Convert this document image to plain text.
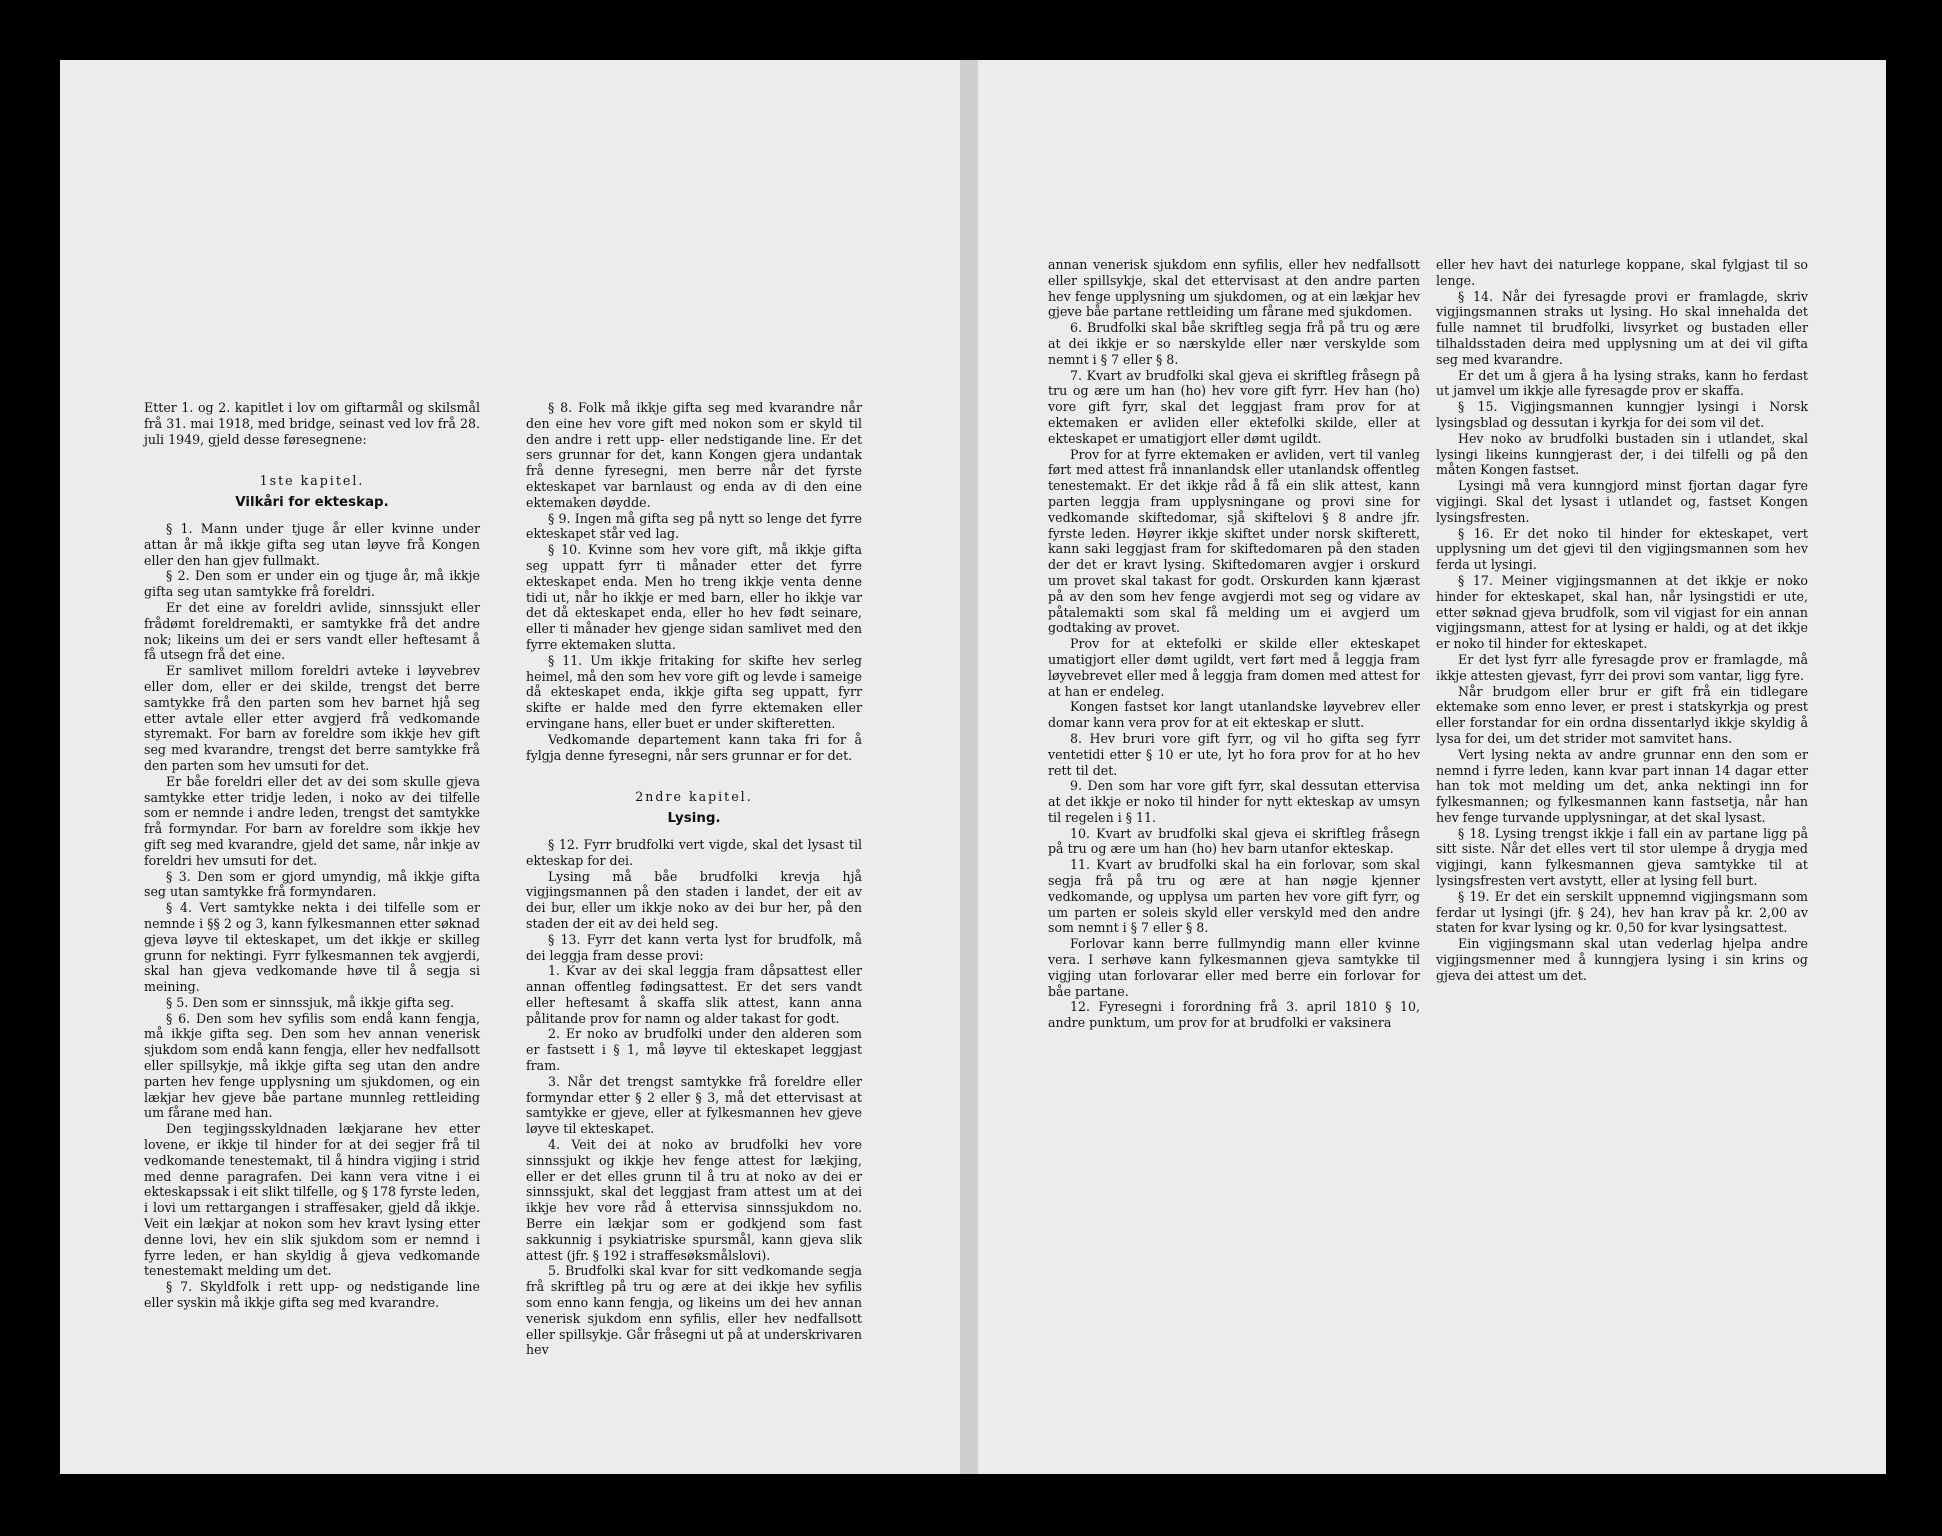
Etter 1. og 2. kapitlet i lov om giftarmål og skilsmål frå 31. mai 1918, med bridge, seinast ved lov frå 28. juli 1949, gjeld desse føresegnene:

1ste kapitel.

Vilkåri for ekteskap.

§ 1. Mann under tjuge år eller kvinne under attan år må ikkje gifta seg utan løyve frå Kongen eller den han gjev fullmakt.

§ 2. Den som er under ein og tjuge år, må ikkje gifta seg utan samtykke frå foreldri.

Er det eine av foreldri avlide, sinnssjukt eller frådømt foreldremakti, er samtykke frå det andre nok; likeins um dei er sers vandt eller heftesamt å få utsegn frå det eine.

Er samlivet millom foreldri avteke i løyvebrev eller dom, eller er dei skilde, trengst det berre samtykke frå den parten som hev barnet hjå seg etter avtale eller etter avgjerd frå vedkomande styremakt. For barn av foreldre som ikkje hev gift seg med kvarandre, trengst det berre samtykke frå den parten som hev umsuti for det.

Er båe foreldri eller det av dei som skulle gjeva samtykke etter tridje leden, i noko av dei tilfelle som er nemnde i andre leden, trengst det samtykke frå formyndar. For barn av foreldre som ikkje hev gift seg med kvarandre, gjeld det same, når inkje av foreldri hev umsuti for det.

§ 3. Den som er gjord umyndig, må ikkje gifta seg utan samtykke frå formyndaren.

§ 4. Vert samtykke nekta i dei tilfelle som er nemnde i §§ 2 og 3, kann fylkesmannen etter søknad gjeva løyve til ekteskapet, um det ikkje er skilleg grunn for nektingi. Fyrr fylkesmannen tek avgjerdi, skal han gjeva vedkomande høve til å segja si meining.

§ 5. Den som er sinnssjuk, må ikkje gifta seg.

§ 6. Den som hev syfilis som endå kann fengja, må ikkje gifta seg. Den som hev annan venerisk sjukdom som endå kann fengja, eller hev nedfallsott eller spillsykje, må ikkje gifta seg utan den andre parten hev fenge upplysning um sjukdomen, og ein lækjar hev gjeve båe partane munnleg rettleiding um fårane med han.

Den tegjingsskyldnaden lækjarane hev etter lovene, er ikkje til hinder for at dei segjer frå til vedkomande tenestemakt, til å hindra vigjing i strid med denne paragrafen. Dei kann vera vitne i ei ekteskapssak i eit slikt tilfelle, og § 178 fyrste leden, i lovi um rettargangen i straffesaker, gjeld då ikkje. Veit ein lækjar at nokon som hev kravt lysing etter denne lovi, hev ein slik sjukdom som er nemnd i fyrre leden, er han skyldig å gjeva vedkomande tenestemakt melding um det.

§ 7. Skyldfolk i rett upp- og nedstigande line eller syskin må ikkje gifta seg med kvarandre.

§ 8. Folk må ikkje gifta seg med kvarandre når den eine hev vore gift med nokon som er skyld til den andre i rett upp- eller nedstigande line. Er det sers grunnar for det, kann Kongen gjera undantak frå denne fyresegni, men berre når det fyrste ekteskapet var barnlaust og enda av di den eine ektemaken døydde.

§ 9. Ingen må gifta seg på nytt so lenge det fyrre ekteskapet står ved lag.

§ 10. Kvinne som hev vore gift, må ikkje gifta seg uppatt fyrr ti månader etter det fyrre ekteskapet enda. Men ho treng ikkje venta denne tidi ut, når ho ikkje er med barn, eller ho ikkje var det då ekteskapet enda, eller ho hev født seinare, eller ti månader hev gjenge sidan samlivet med den fyrre ektemaken slutta.

§ 11. Um ikkje fritaking for skifte hev serleg heimel, må den som hev vore gift og levde i sameige då ekteskapet enda, ikkje gifta seg uppatt, fyrr skifte er halde med den fyrre ektemaken eller ervingane hans, eller buet er under skifteretten.

Vedkomande departement kann taka fri for å fylgja denne fyresegni, når sers grunnar er for det.

2ndre kapitel.

Lysing.

§ 12. Fyrr brudfolki vert vigde, skal det lysast til ekteskap for dei.

Lysing må båe brudfolki krevja hjå vigjingsmannen på den staden i landet, der eit av dei bur, eller um ikkje noko av dei bur her, på den staden der eit av dei held seg.

§ 13. Fyrr det kann verta lyst for brudfolk, må dei leggja fram desse provi:

1. Kvar av dei skal leggja fram dåpsattest eller annan offentleg fødingsattest. Er det sers vandt eller heftesamt å skaffa slik attest, kann anna pålitande prov for namn og alder takast for godt.

2. Er noko av brudfolki under den alderen som er fastsett i § 1, må løyve til ekteskapet leggjast fram.

3. Når det trengst samtykke frå foreldre eller formyndar etter § 2 eller § 3, må det ettervisast at samtykke er gjeve, eller at fylkesmannen hev gjeve løyve til ekteskapet.

4. Veit dei at noko av brudfolki hev vore sinnssjukt og ikkje hev fenge attest for lækjing, eller er det elles grunn til å tru at noko av dei er sinnssjukt, skal det leggjast fram attest um at dei ikkje hev vore råd å ettervisa sinnssjukdom no. Berre ein lækjar som er godkjend som fast sakkunnig i psykiatriske spursmål, kann gjeva slik attest (jfr. § 192 i straffesøksmålslovi).

5. Brudfolki skal kvar for sitt vedkomande segja frå skriftleg på tru og ære at dei ikkje hev syfilis som enno kann fengja, og likeins um dei hev annan venerisk sjukdom enn syfilis, eller hev nedfallsott eller spillsykje. Går fråsegni ut på at underskrivaren hev

annan venerisk sjukdom enn syfilis, eller hev nedfallsott eller spillsykje, skal det ettervisast at den andre parten hev fenge upplysning um sjukdomen, og at ein lækjar hev gjeve båe partane rettleiding um fårane med sjukdomen.

6. Brudfolki skal båe skriftleg segja frå på tru og ære at dei ikkje er so nærskylde eller nær verskylde som nemnt i § 7 eller § 8.

7. Kvart av brudfolki skal gjeva ei skriftleg fråsegn på tru og ære um han (ho) hev vore gift fyrr. Hev han (ho) vore gift fyrr, skal det leggjast fram prov for at ektemaken er avliden eller ektefolki skilde, eller at ekteskapet er umatigjort eller dømt ugildt.

Prov for at fyrre ektemaken er avliden, vert til vanleg ført med attest frå innanlandsk eller utanlandsk offentleg tenestemakt. Er det ikkje råd å få ein slik attest, kann parten leggja fram upplysningane og provi sine for vedkomande skiftedomar, sjå skiftelovi § 8 andre jfr. fyrste leden. Høyrer ikkje skiftet under norsk skifterett, kann saki leggjast fram for skiftedomaren på den staden der det er kravt lysing. Skiftedomaren avgjer i orskurd um provet skal takast for godt. Orskurden kann kjærast på av den som hev fenge avgjerdi mot seg og vidare av påtalemakti som skal få melding um ei avgjerd um godtaking av provet.

Prov for at ektefolki er skilde eller ekteskapet umatigjort eller dømt ugildt, vert ført med å leggja fram løyvebrevet eller med å leggja fram domen med attest for at han er endeleg.

Kongen fastset kor langt utanlandske løyvebrev eller domar kann vera prov for at eit ekteskap er slutt.

8. Hev bruri vore gift fyrr, og vil ho gifta seg fyrr ventetidi etter § 10 er ute, lyt ho fora prov for at ho hev rett til det.

9. Den som har vore gift fyrr, skal dessutan ettervisa at det ikkje er noko til hinder for nytt ekteskap av umsyn til regelen i § 11.

10. Kvart av brudfolki skal gjeva ei skriftleg fråsegn på tru og ære um han (ho) hev barn utanfor ekteskap.

11. Kvart av brudfolki skal ha ein forlovar, som skal segja frå på tru og ære at han nøgje kjenner vedkomande, og upplysa um parten hev vore gift fyrr, og um parten er soleis skyld eller verskyld med den andre som nemnt i § 7 eller § 8.

Forlovar kann berre fullmyndig mann eller kvinne vera. I serhøve kann fylkesmannen gjeva samtykke til vigjing utan forlovarar eller med berre ein forlovar for båe partane.

12. Fyresegni i forordning frå 3. april 1810 § 10, andre punktum, um prov for at brudfolki er vaksinera

eller hev havt dei naturlege koppane, skal fylgjast til so lenge.

§ 14. Når dei fyresagde provi er framlagde, skriv vigjingsmannen straks ut lysing. Ho skal innehalda det fulle namnet til brudfolki, livsyrket og bustaden eller tilhaldsstaden deira med upplysning um at dei vil gifta seg med kvarandre.

Er det um å gjera å ha lysing straks, kann ho ferdast ut jamvel um ikkje alle fyresagde prov er skaffa.

§ 15. Vigjingsmannen kunngjer lysingi i Norsk lysingsblad og dessutan i kyrkja for dei som vil det.

Hev noko av brudfolki bustaden sin i utlandet, skal lysingi likeins kunngjerast der, i dei tilfelli og på den måten Kongen fastset.

Lysingi må vera kunngjord minst fjortan dagar fyre vigjingi. Skal det lysast i utlandet og, fastset Kongen lysingsfresten.

§ 16. Er det noko til hinder for ekteskapet, vert upplysning um det gjevi til den vigjingsmannen som hev ferda ut lysingi.

§ 17. Meiner vigjingsmannen at det ikkje er noko hinder for ekteskapet, skal han, når lysingstidi er ute, etter søknad gjeva brudfolk, som vil vigjast for ein annan vigjingsmann, attest for at lysing er haldi, og at det ikkje er noko til hinder for ekteskapet.

Er det lyst fyrr alle fyresagde prov er framlagde, må ikkje attesten gjevast, fyrr dei provi som vantar, ligg fyre.

Når brudgom eller brur er gift frå ein tidlegare ektemake som enno lever, er prest i statskyrkja og prest eller forstandar for ein ordna dissentarlyd ikkje skyldig å lysa for dei, um det strider mot samvitet hans.

Vert lysing nekta av andre grunnar enn den som er nemnd i fyrre leden, kann kvar part innan 14 dagar etter han tok mot melding um det, anka nektingi inn for fylkesmannen; og fylkesmannen kann fastsetja, når han hev fenge turvande upplysningar, at det skal lysast.

§ 18. Lysing trengst ikkje i fall ein av partane ligg på sitt siste. Når det elles vert til stor ulempe å drygja med vigjingi, kann fylkesmannen gjeva samtykke til at lysingsfresten vert avstytt, eller at lysing fell burt.

§ 19. Er det ein serskilt uppnemnd vigjingsmann som ferdar ut lysingi (jfr. § 24), hev han krav på kr. 2,00 av staten for kvar lysing og kr. 0,50 for kvar lysingsattest.

Ein vigjingsmann skal utan vederlag hjelpa andre vigjingsmenner med å kunngjera lysing i sin krins og gjeva dei attest um det.
